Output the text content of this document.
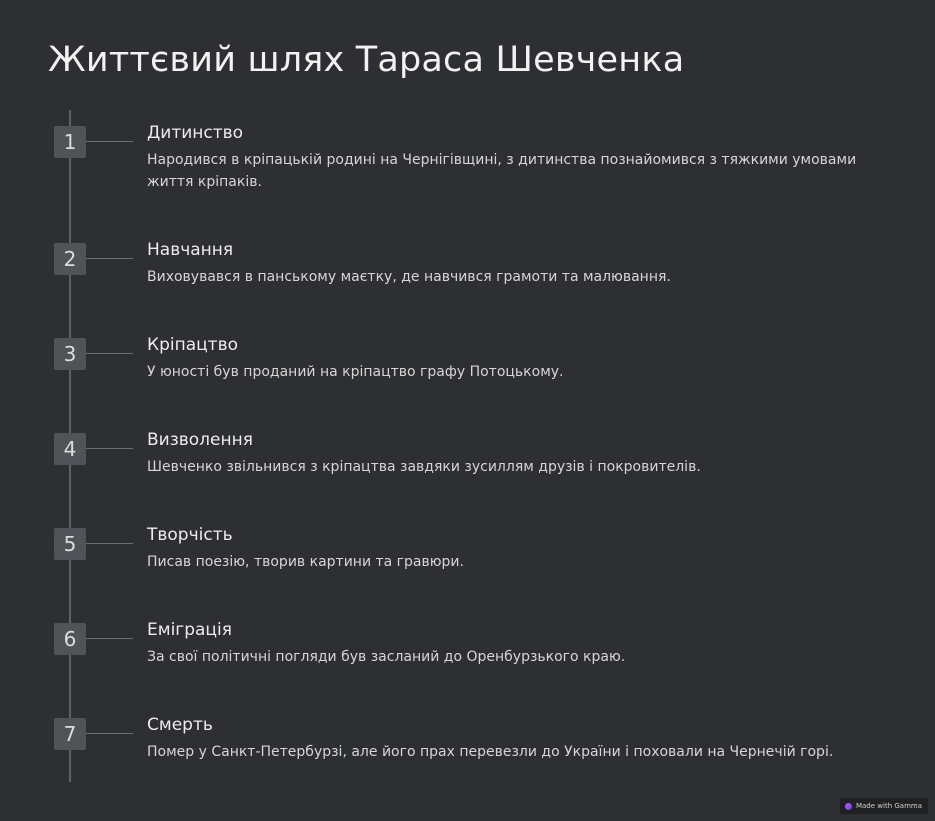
Життєвий шлях Тараса Шевченка
1	Дитинство

Народився в кріпацькій родині на Чернігівщині, з дитинства познайомився з тяжкими умовами життя кріпаків.

2	Навчання

Виховувався в панському маєтку, де навчився грамоти та малювання.

3	Кріпацтво

У юності був проданий на кріпацтво графу Потоцькому.

4	Визволення

Шевченко звільнився з кріпацтва завдяки зусиллям друзів і покровителів.

5	Творчість

Писав поезію, творив картини та гравюри.

6	Еміграція

За свої політичні погляди був засланий до Оренбурзького краю.

7	Смерть

Помер у Санкт-Петербурзі, але його прах перевезли до України і поховали на Чернечій горі.

Made with Gamma
